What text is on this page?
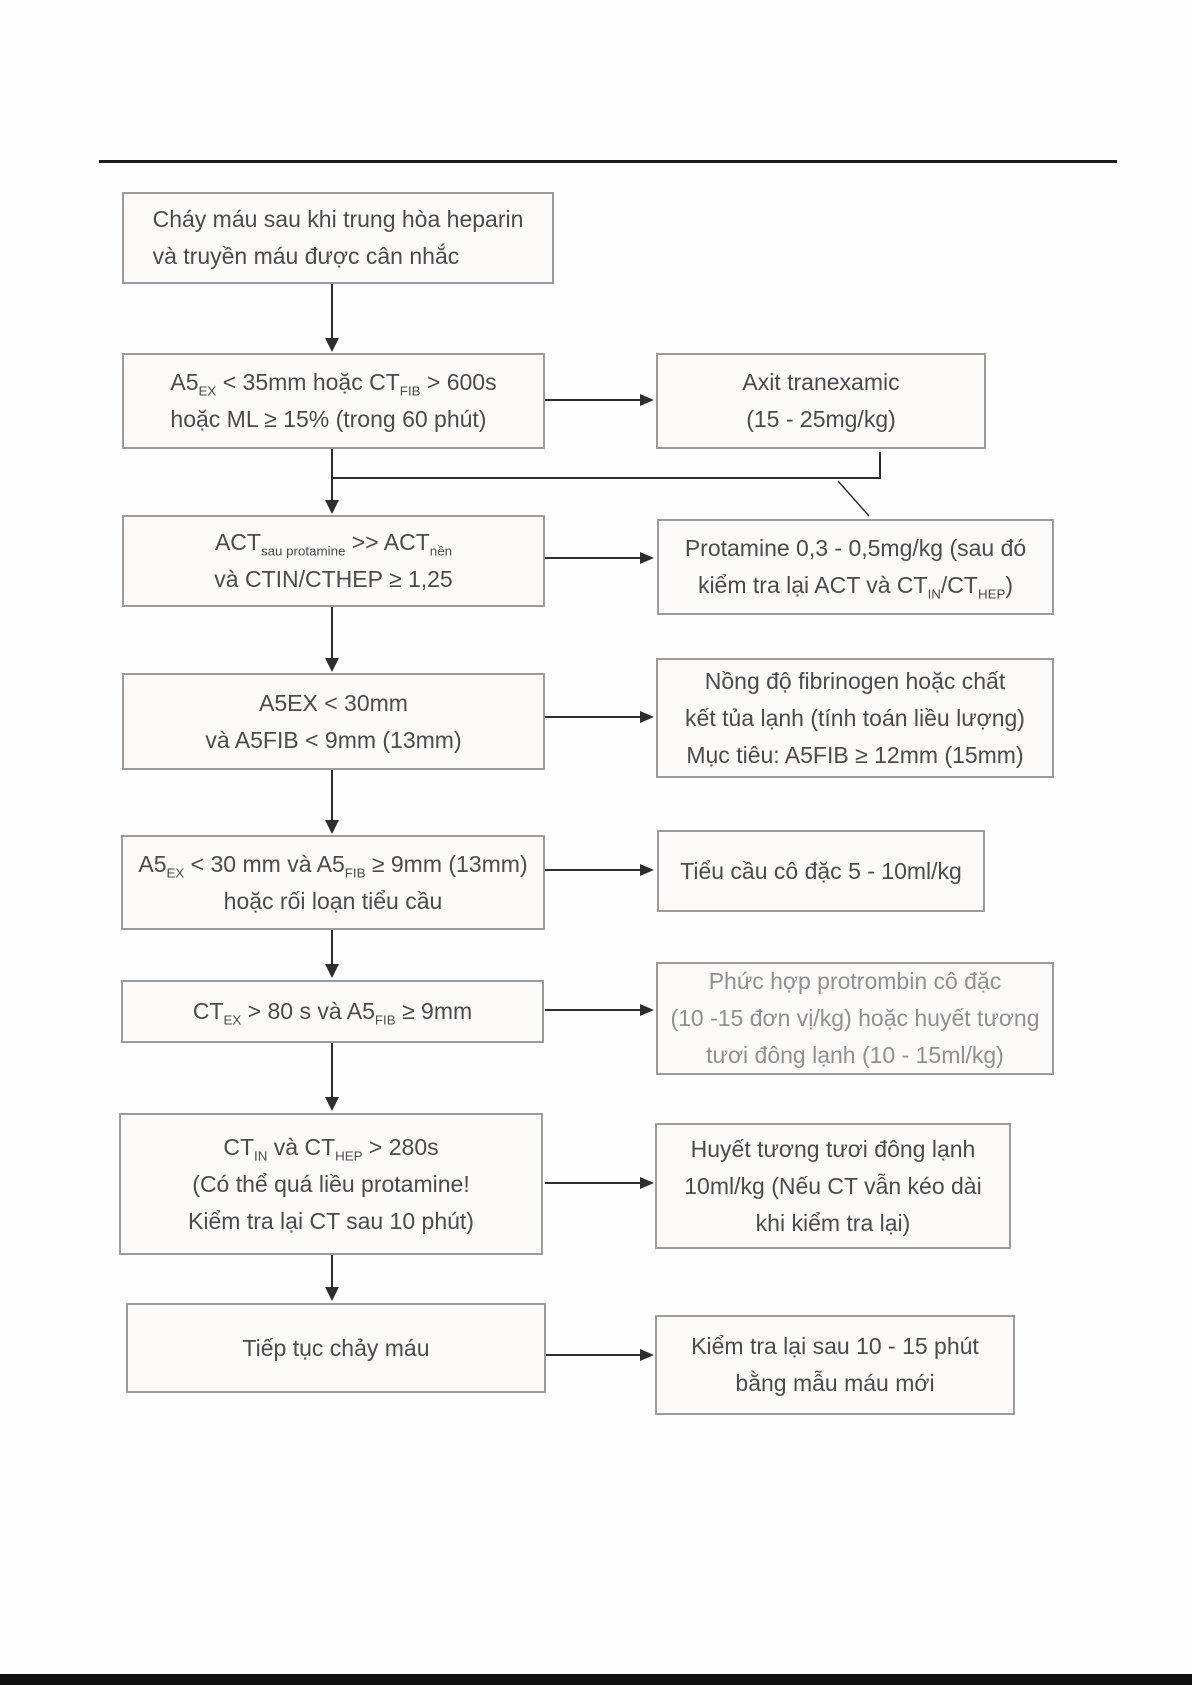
Cháy máu sau khi trung hòa heparin
và truyền máu được cân nhắc
$A5_{EX} < 35mm$ hoặc $CT_{FIB} > 600s$
hoặc ML ≥ 15% (trong 60 phút)
$ACT_{sau protamine} >> ACT_{nền}$
và CTIN/CTHEP ≥ 1,25
A5EX < 30mm
và A5FIB < 9mm (13mm)
$A5_{EX} < 30$ mm và $A5_{FIB} \ge 9mm$ (13mm)
hoặc rối loạn tiểu cầu
$CT_{EX} > 80$ s và $A5_{FIB} \ge 9mm$
$CT_{IN}$ và $CT_{HEP} > 280s$
(Có thể quá liều protamine!
Kiểm tra lại CT sau 10 phút)
Tiếp tục chảy máu
Axit tranexamic
(15 - 25mg/kg)
Protamine 0,3 - 0,5mg/kg (sau đó
kiểm tra lại ACT và $CT_{IN}/CT_{HEP}$)
Nồng độ fibrinogen hoặc chất
kết tủa lạnh (tính toán liều lượng)
Mục tiêu: A5FIB ≥ 12mm (15mm)
Tiểu cầu cô đặc 5 - 10ml/kg
Phức hợp protrombin cô đặc
(10 -15 đơn vị/kg) hoặc huyết tương
tươi đông lạnh (10 - 15ml/kg)
Huyết tương tươi đông lạnh
10ml/kg (Nếu CT vẫn kéo dài
khi kiểm tra lại)
Kiểm tra lại sau 10 - 15 phút
bằng mẫu máu mới
